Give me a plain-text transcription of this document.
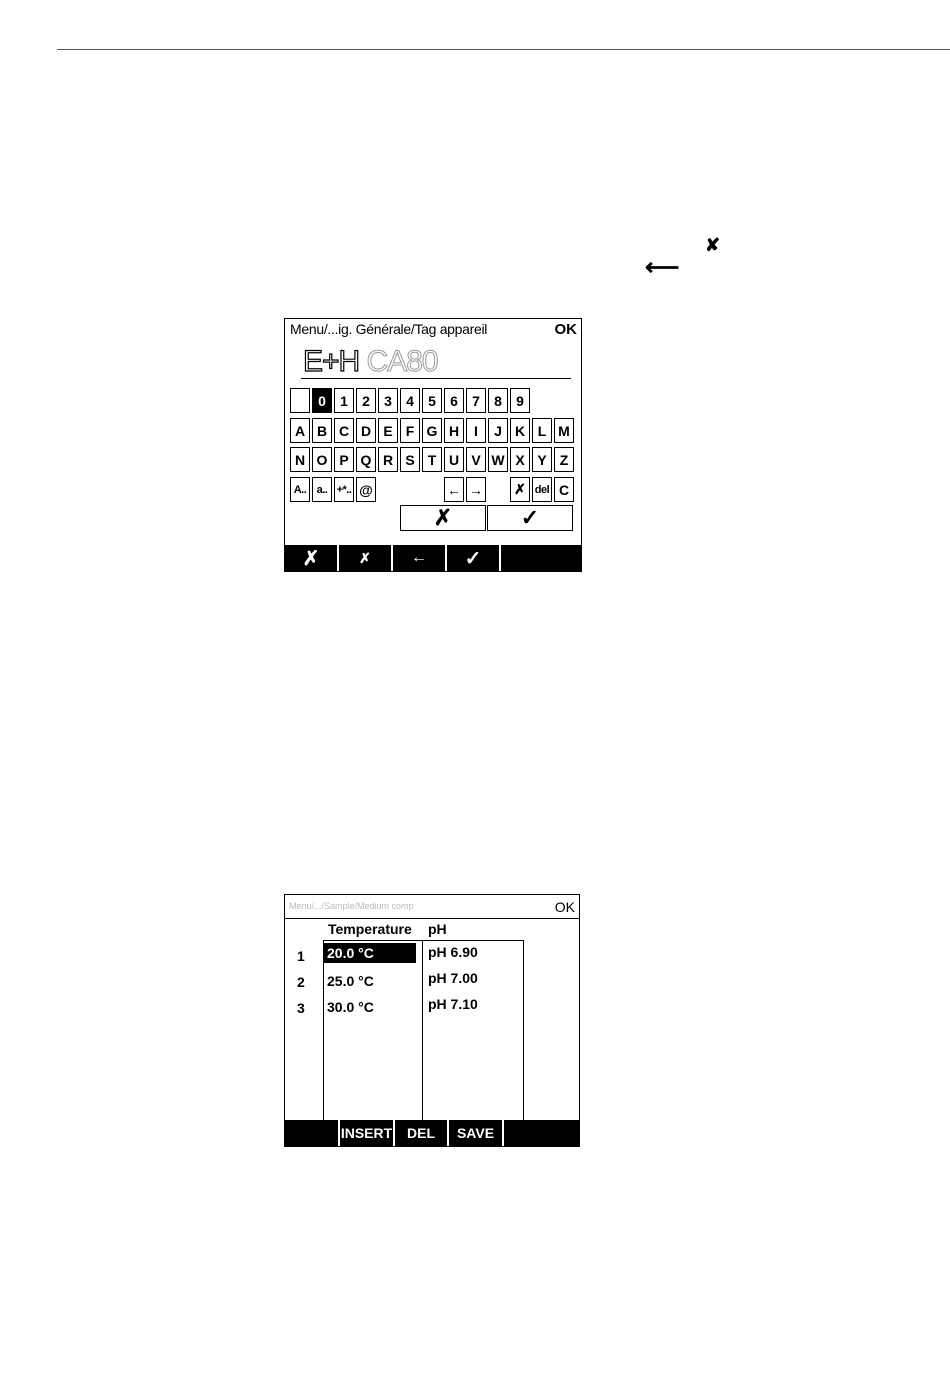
✘
⟵
Menu/...ig. Générale/Tag appareil	OK
E+H CA80
0	1	2	3	4	5	6	7	8	9
A B C D E F G H	I	J K L M
N O P Q R S T U V W X Y Z
A.. a.. +*.. @	← → ✗ del C
✗	✓
✗	✗	←	✓
Menu/.../Sample/Medium comp	OK
Temperature pH
1 20.0 °C	pH 6.90
2 25.0 °C	pH 7.00
3 30.0 °C	pH 7.10
INSERT	DEL	SAVE
